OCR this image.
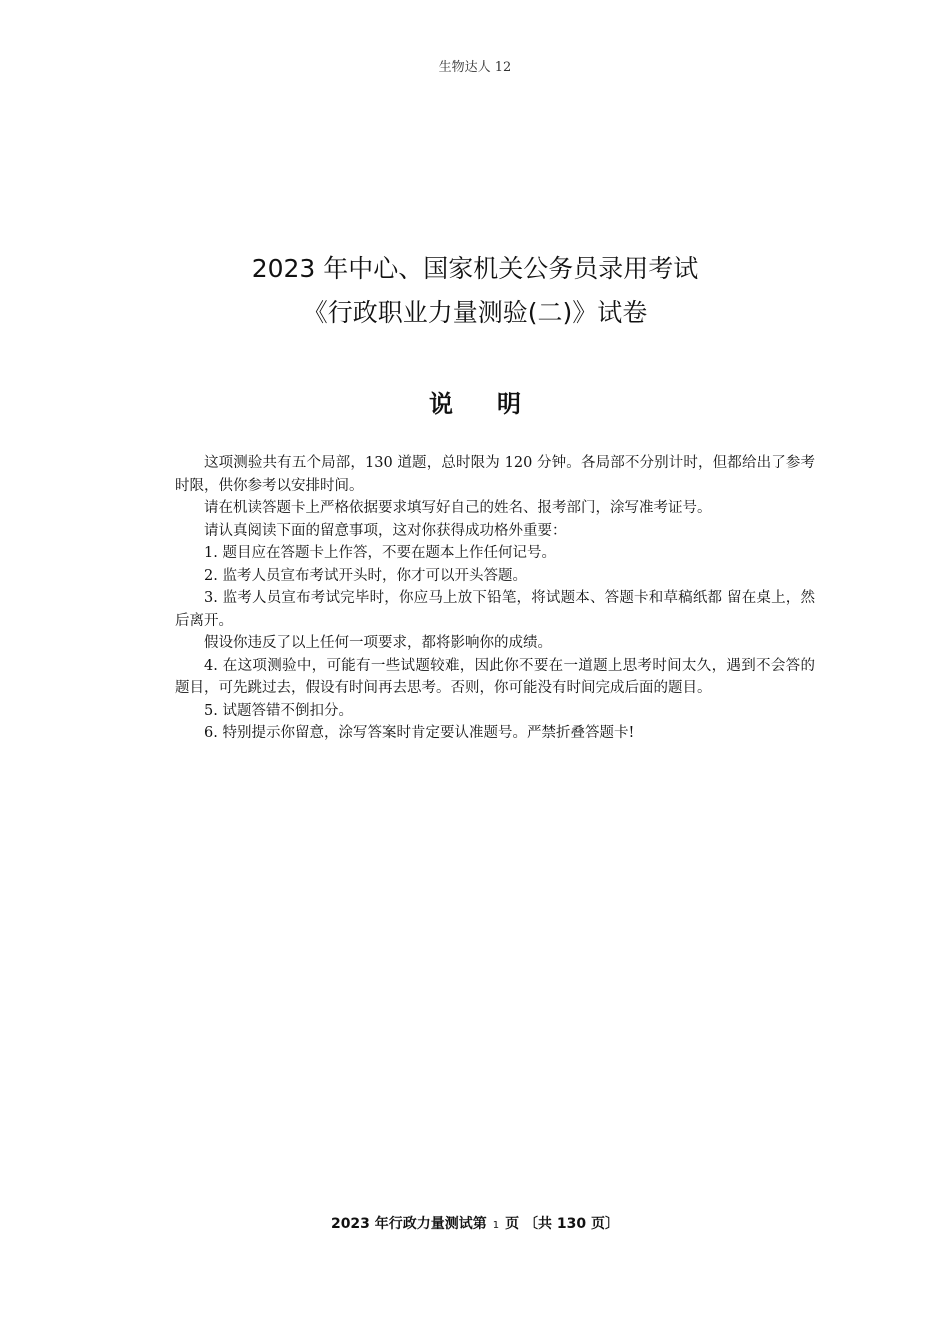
生物达人 12
2023 年中心、国家机关公务员录用考试
《行政职业力量测验(二)》试卷
说明

这项测验共有五个局部，130 道题，总时限为 120 分钟。各局部不分别计时，但都给出了参考时限，供你参考以安排时间。

请在机读答题卡上严格依据要求填写好自己的姓名、报考部门，涂写准考证号。

请认真阅读下面的留意事项，这对你获得成功格外重要：

1. 题目应在答题卡上作答，不要在题本上作任何记号。

2. 监考人员宣布考试开头时，你才可以开头答题。

3. 监考人员宣布考试完毕时，你应马上放下铅笔，将试题本、答题卡和草稿纸都 留在桌上，然后离开。

假设你违反了以上任何一项要求，都将影响你的成绩。

4. 在这项测验中，可能有一些试题较难，因此你不要在一道题上思考时间太久，遇到不会答的题目，可先跳过去，假设有时间再去思考。否则，你可能没有时间完成后面的题目。

5. 试题答错不倒扣分。

6. 特别提示你留意，涂写答案时肯定要认准题号。严禁折叠答题卡!

2023 年行政力量测试第 1 页 〔共 130 页〕
